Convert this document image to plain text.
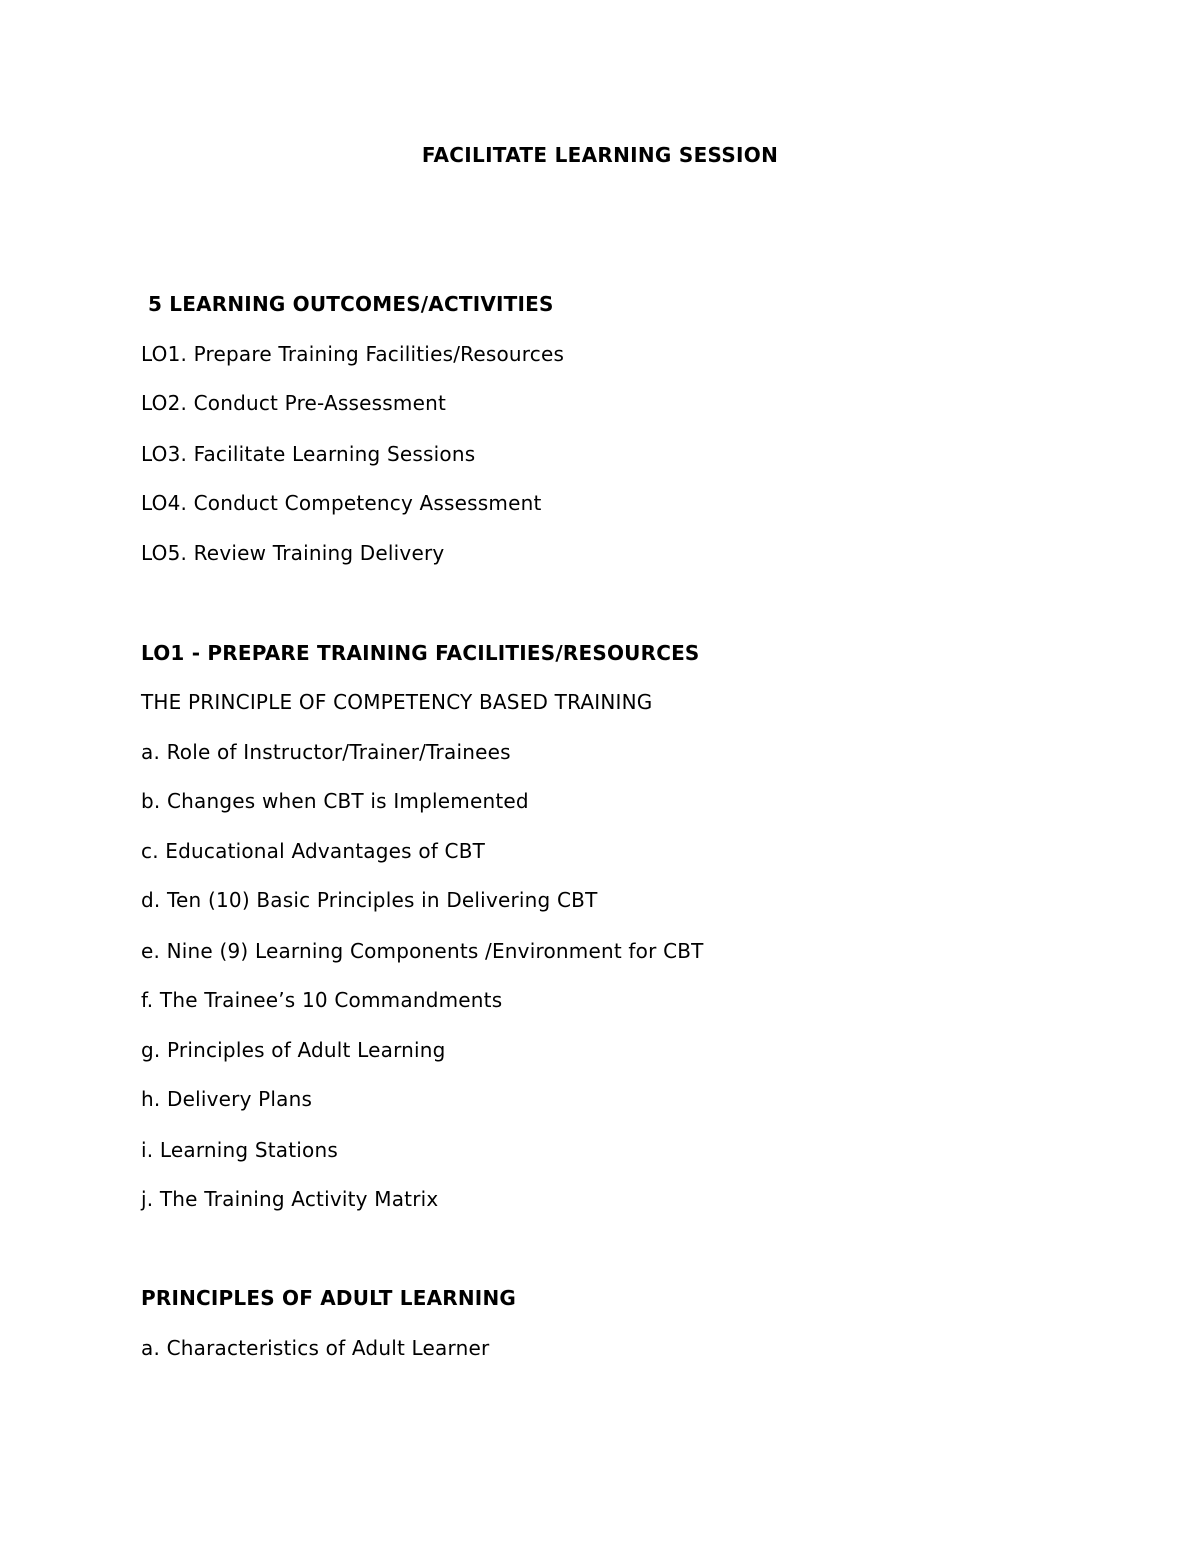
FACILITATE LEARNING SESSION
5 LEARNING OUTCOMES/ACTIVITIES
LO1. Prepare Training Facilities/Resources
LO2. Conduct Pre-Assessment
LO3. Facilitate Learning Sessions
LO4. Conduct Competency Assessment
LO5. Review Training Delivery
LO1 - PREPARE TRAINING FACILITIES/RESOURCES
THE PRINCIPLE OF COMPETENCY BASED TRAINING
a. Role of Instructor/Trainer/Trainees
b. Changes when CBT is Implemented
c. Educational Advantages of CBT
d. Ten (10) Basic Principles in Delivering CBT
e. Nine (9) Learning Components /Environment for CBT
f. The Trainee’s 10 Commandments
g. Principles of Adult Learning
h. Delivery Plans
i. Learning Stations
j. The Training Activity Matrix
PRINCIPLES OF ADULT LEARNING
a. Characteristics of Adult Learner
